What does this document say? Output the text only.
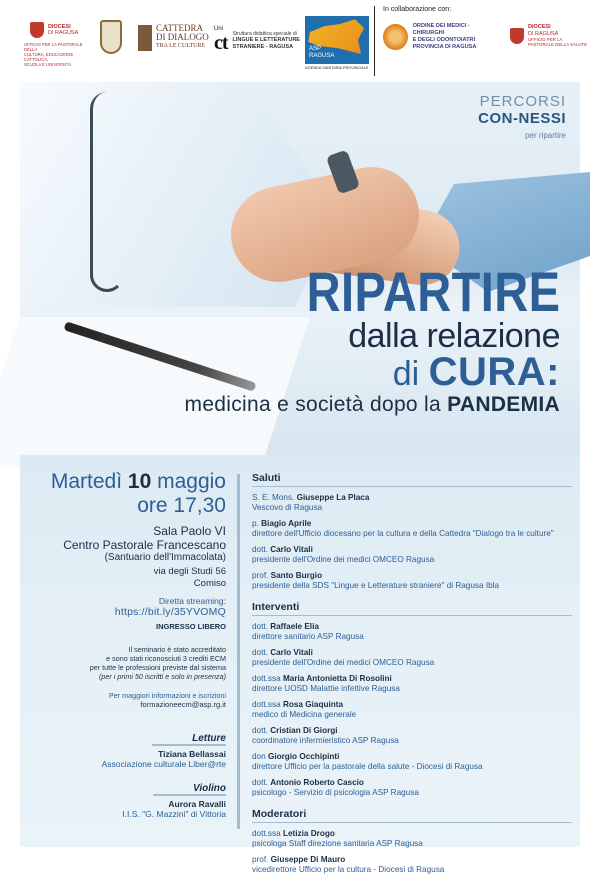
DIOCESI
DI RAGUSA
UFFICIO PER LA PASTORALE DELLA
CULTURA, EDUCAZIONE CATTOLICA,
SCUOLA E UNIVERSITÀ
CATTEDRA
DI DIALOGO
TRA LE CULTURE
Uni
ct Struttura didattica speciale di
LINGUE E LETTERATURE
STRANIERE - RAGUSA	ASP
RAGUSA
AZIENDA SANITARIA PROVINCIALE
In collaborazione con:
ORDINE DEI MEDICI - CHIRURGHI
E DEGLI ODONTOIATRI
PROVINCIA DI RAGUSA
DIOCESI
DI RAGUSA
UFFICIO PER LA
PASTORALE DELLA SALUTE
PERCORSI
CON-NESSI
per ripartire
RIPARTIRE
dalla relazione
di CURA:
medicina e società dopo la PANDEMIA
Martedì 10 maggio
ore 17,30
Sala Paolo VI
Centro Pastorale Francescano
(Santuario dell'Immacolata)
via degli Studi 56
Comiso
Diretta streaming:
https://bit.ly/35YVOMQ
INGRESSO LIBERO
Il seminario è stato accreditato
e sono stati riconosciuti 3 crediti ECM
per tutte le professioni previste dal sistema
(per i primi 50 iscritti e solo in presenza)
Per maggiori informazioni e iscrizioni
formazioneecm@asp.rg.it
Letture
Tiziana Bellassai
Associazione culturale Liber@rte
Violino
Aurora Ravalli
I.I.S. "G. Mazzini" di Vittoria
Saluti
S. E. Mons. Giuseppe La Placa
Vescovo di Ragusa
p. Biagio Aprile
direttore dell'Ufficio diocesano per la cultura e della Cattedra "Dialogo tra le culture"
dott. Carlo Vitali
presidente dell'Ordine dei medici OMCEO Ragusa
prof. Santo Burgio
presidente della SDS "Lingue e Letterature straniere" di Ragusa Ibla
Interventi
dott. Raffaele Elia
direttore sanitario ASP Ragusa
dott. Carlo Vitali
presidente dell'Ordine dei medici OMCEO Ragusa
dott.ssa Maria Antonietta Di Rosolini
direttore UOSD Malattie infettive Ragusa
dott.ssa Rosa Giaquinta
medico di Medicina generale
dott. Cristian Di Giorgi
coordinatore infermieristico ASP Ragusa
don Giorgio Occhipinti
direttore Ufficio per la pastorale della salute - Diocesi di Ragusa
dott. Antonio Roberto Cascio
psicologo - Servizio di psicologia ASP Ragusa
Moderatori
dott.ssa Letizia Drogo
psicologa Staff direzione sanitaria ASP Ragusa
prof. Giuseppe Di Mauro
vicedirettore Ufficio per la cultura - Diocesi di Ragusa
